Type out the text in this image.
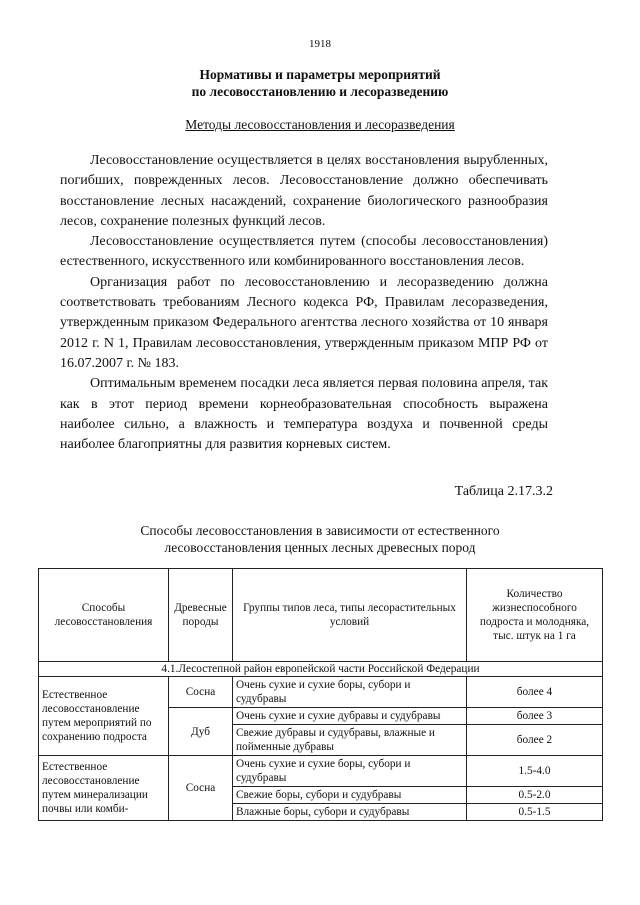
1918
Нормативы и параметры мероприятий
по лесовосстановлению и лесоразведению
Методы лесовосстановления и лесоразведения

Лесовосстановление осуществляется в целях восстановления вырубленных, погибших, поврежденных лесов. Лесовосстановление должно обеспечивать восстановление лесных насаждений, сохранение биологического разнообразия лесов, сохранение полезных функций лесов.

Лесовосстановление осуществляется путем (способы лесовосстановления) естественного, искусственного или комбинированного восстановления лесов.

Организация работ по лесовосстановлению и лесоразведению должна соответствовать требованиям Лесного кодекса РФ, Правилам лесоразведения, утвержденным приказом Федерального агентства лесного хозяйства от 10 января 2012 г. N 1, Правилам лесовосстановления, утвержденным приказом МПР РФ от 16.07.2007 г. № 183.

Оптимальным временем посадки леса является первая половина апреля, так как в этот период времени корнеобразовательная способность выражена наиболее сильно, а влажность и температура воздуха и почвенной среды наиболее благоприятны для развития корневых систем.

Таблица 2.17.3.2
Способы лесовосстановления в зависимости от естественного
лесовосстановления ценных лесных древесных пород
Способы лесовосстановления	Древесные породы	Группы типов леса, типы лесорастительных условий	Количество жизнеспособного подроста и молодняка, тыс. штук на 1 га
4.1.Лесостепной район европейской части Российской Федерации			
Естественное лесовосстановление путем мероприятий по сохранению подроста	Сосна	Очень сухие и сухие боры, субори и судубравы	более 4
	Дуб	Очень сухие и сухие дубравы и судубравы	более 3
		Свежие дубравы и судубравы, влажные и пойменные дубравы	более 2
Естественное лесовосстановление путем минерализации почвы или комби-	Сосна	Очень сухие и сухие боры, субори и судубравы	1.5-4.0
		Свежие боры, субори и судубравы	0.5-2.0
		Влажные боры, субори и судубравы	0.5-1.5
